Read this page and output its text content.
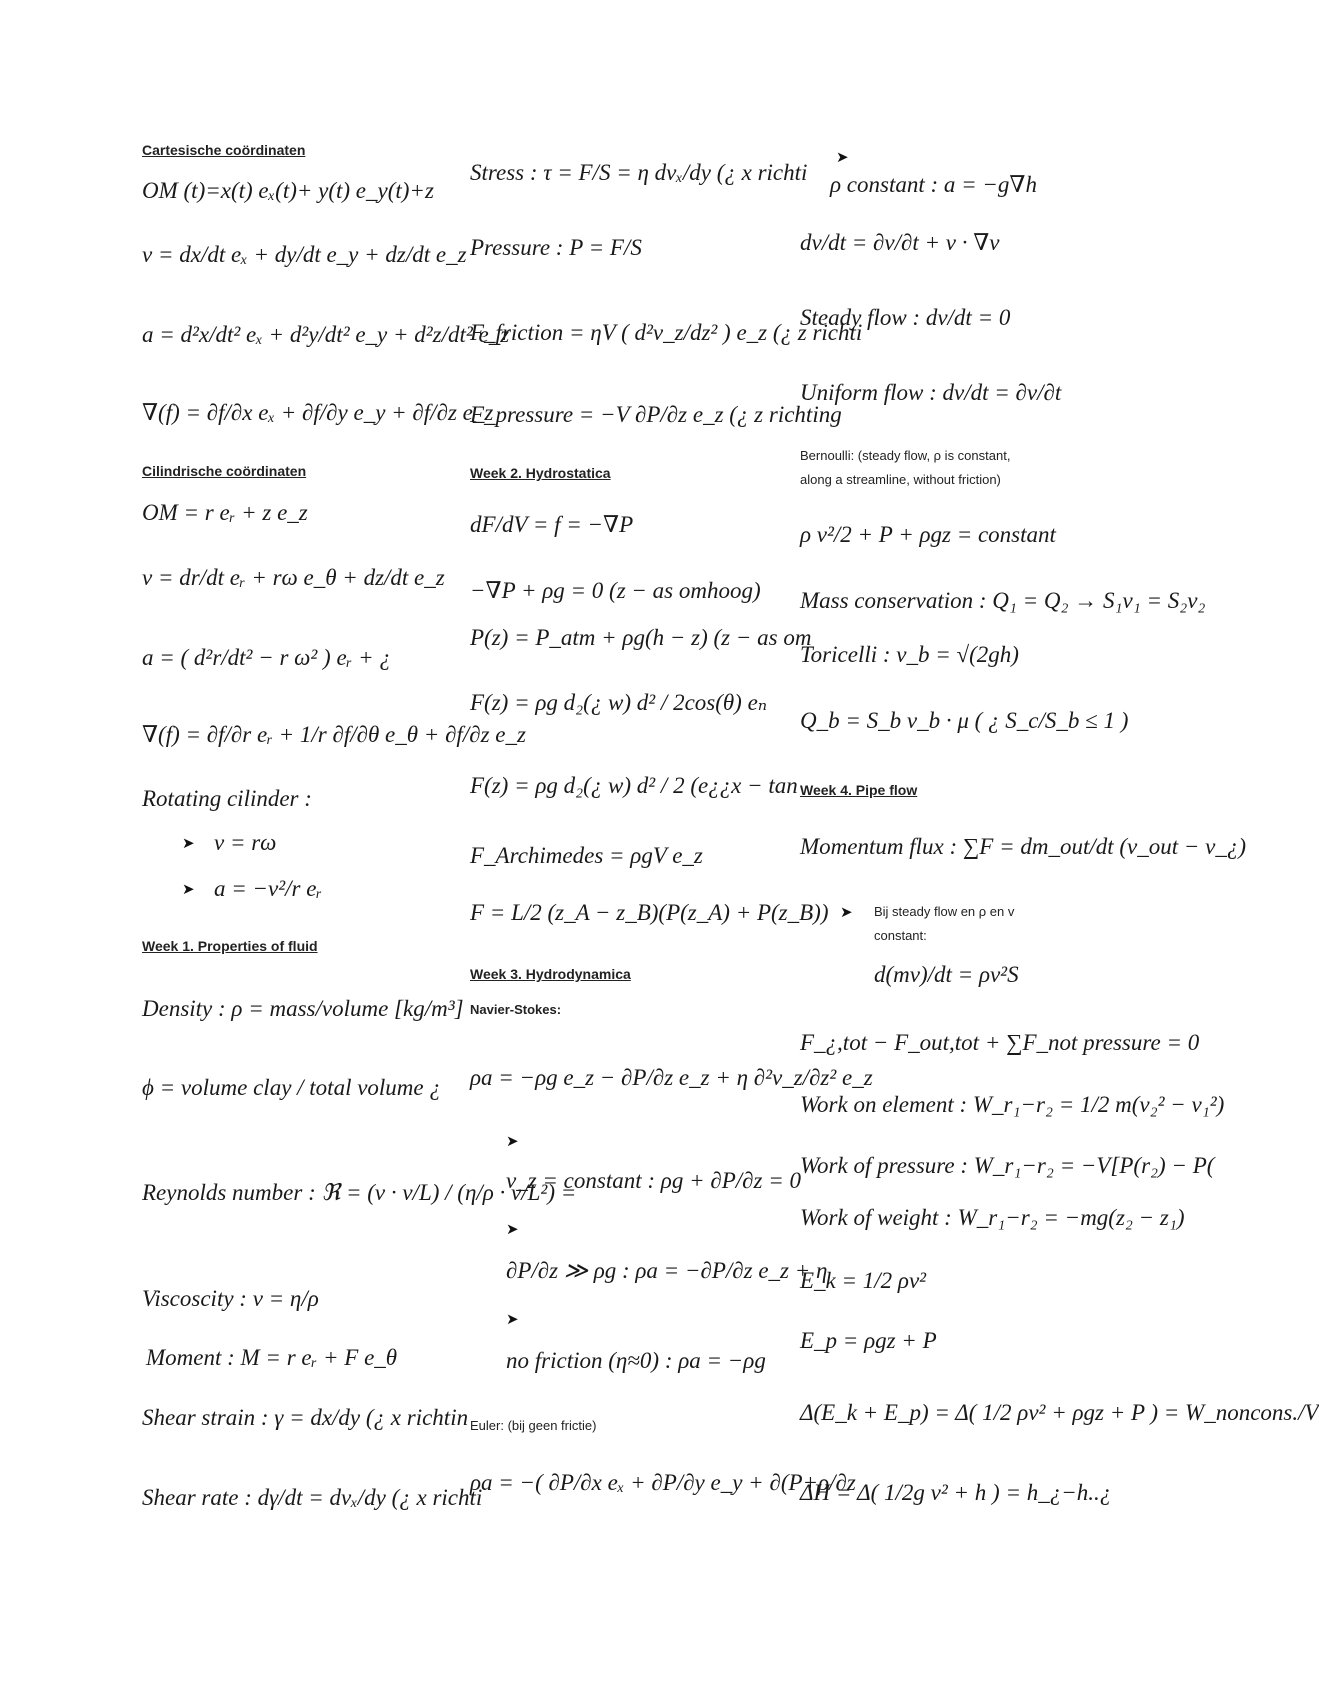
Cartesische coördinaten
OM (t)=x(t) eₓ(t)+ y(t) e_y(t)+z
v = dx/dt eₓ + dy/dt e_y + dz/dt e_z
a = d²x/dt² eₓ + d²y/dt² e_y + d²z/dt² e_z
∇(f) = ∂f/∂x eₓ + ∂f/∂y e_y + ∂f/∂z e_z
Cilindrische coördinaten
OM = r eᵣ + z e_z
v = dr/dt eᵣ + rω e_θ + dz/dt e_z
a = ( d²r/dt² − r ω² ) eᵣ + ¿
∇(f) = ∂f/∂r eᵣ + 1/r ∂f/∂θ e_θ + ∂f/∂z e_z
Rotating cilinder :
➤ v = rω
➤ a = −v²/r eᵣ
Week 1. Properties of fluid
Density : ρ = mass/volume [kg/m³]
ϕ = volume clay / total volume ¿
Reynolds number : ℜ = (v · v/L) / (η/ρ · v/L²) =
Viscoscity : ν = η/ρ
Moment : M = r eᵣ + F e_θ
Shear strain : γ = dx/dy (¿ x richtin
Shear rate : dγ/dt = dvₓ/dy (¿ x richti
Stress : τ = F/S = η dvₓ/dy (¿ x richti
Pressure : P = F/S
F_friction = ηV ( d²v_z/dz² ) e_z (¿ z richti
F_pressure = −V ∂P/∂z e_z (¿ z richting
Week 2. Hydrostatica
dF/dV = f = −∇P
−∇P + ρg = 0 (z − as omhoog)
P(z) = P_atm + ρg(h − z) (z − as om
F(z) = ρg d₂(¿ w) d² / 2cos(θ) eₙ
F(z) = ρg d₂(¿ w) d² / 2 (e¿¿x − tan
F_Archimedes = ρgV e_z
F = L/2 (z_A − z_B)(P(z_A) + P(z_B))
Week 3. Hydrodynamica
Navier-Stokes:
ρa = −ρg e_z − ∂P/∂z e_z + η ∂²v_z/∂z² e_z
➤
v_z = constant : ρg + ∂P/∂z = 0
➤
∂P/∂z ≫ ρg : ρa = −∂P/∂z e_z + η
➤
no friction (η≈0) : ρa = −ρg
Euler: (bij geen frictie)
ρa = −( ∂P/∂x eₓ + ∂P/∂y e_y + ∂(P+ρ/∂z
➤
ρ constant : a = −g∇h
dv/dt = ∂v/∂t + v · ∇v
Steady flow : dv/dt = 0
Uniform flow : dv/dt = ∂v/∂t
Bernoulli: (steady flow, ρ is constant,
along a streamline, without friction)
ρ v²/2 + P + ρgz = constant
Mass conservation : Q₁ = Q₂ → S₁v₁ = S₂v₂
Toricelli : v_b = √(2gh)
Q_b = S_b v_b · μ ( ¿ S_c/S_b ≤ 1 )
Week 4. Pipe flow
Momentum flux : ∑F = dm_out/dt (v_out − v_¿)
➤ Bij steady flow en ρ en v
constant:
d(mv)/dt = ρv²S
F_¿,tot − F_out,tot + ∑F_not pressure = 0
Work on element : W_r₁−r₂ = 1/2 m(v₂² − v₁²)
Work of pressure : W_r₁−r₂ = −V[P(r₂) − P(
Work of weight : W_r₁−r₂ = −mg(z₂ − z₁)
E_k = 1/2 ρv²
E_p = ρgz + P
Δ(E_k + E_p) = Δ( 1/2 ρv² + ρgz + P ) = W_noncons./V
ΔH = Δ( 1/2g v² + h ) = h_¿−h..¿
